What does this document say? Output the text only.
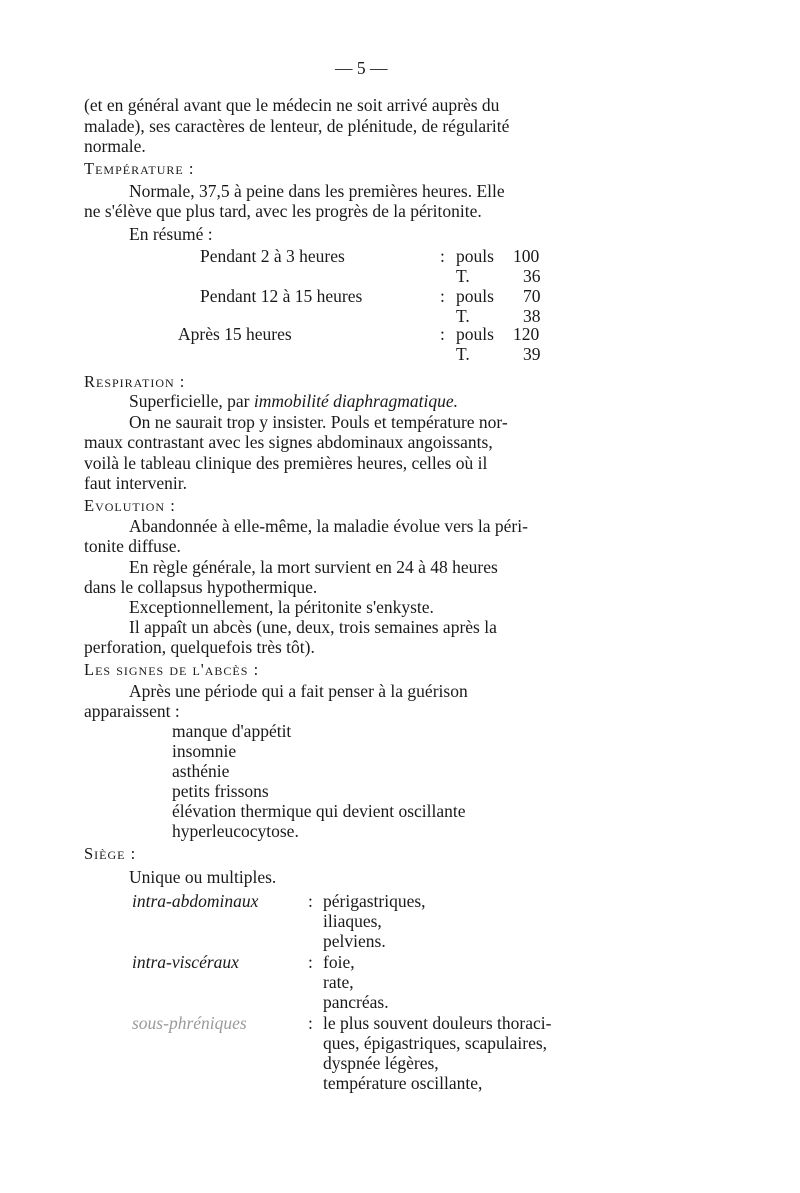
— 5 —
(et en général avant que le médecin ne soit arrivé auprès du
malade), ses caractères de lenteur, de plénitude, de régularité
normale.
Température :
Normale, 37,5 à peine dans les premières heures. Elle
ne s'élève que plus tard, avec les progrès de la péritonite.
En résumé :
Pendant 2 à 3 heures	: pouls 100
T.	36
Pendant 12 à 15 heures	: pouls 70
T.	38
Après 15 heures	: pouls 120
T.	39
Respiration :
Superficielle, par immobilité diaphragmatique.
On ne saurait trop y insister. Pouls et température nor-
maux contrastant avec les signes abdominaux angoissants,
voilà le tableau clinique des premières heures, celles où il
faut intervenir.
Evolution :
Abandonnée à elle-même, la maladie évolue vers la péri-
tonite diffuse.
En règle générale, la mort survient en 24 à 48 heures
dans le collapsus hypothermique.
Exceptionnellement, la péritonite s'enkyste.
Il appaît un abcès (une, deux, trois semaines après la
perforation, quelquefois très tôt).
Les signes de l'abcès :
Après une période qui a fait penser à la guérison
apparaissent :
manque d'appétit
insomnie
asthénie
petits frissons
élévation thermique qui devient oscillante
hyperleucocytose.
Siège :
Unique ou multiples.
intra-abdominaux	: périgastriques,
iliaques,
pelviens.
intra-viscéraux	: foie,
rate,
pancréas.
sous-phréniques	: le plus souvent douleurs thoraci-
ques, épigastriques, scapulaires,
dyspnée légères,
température oscillante,
